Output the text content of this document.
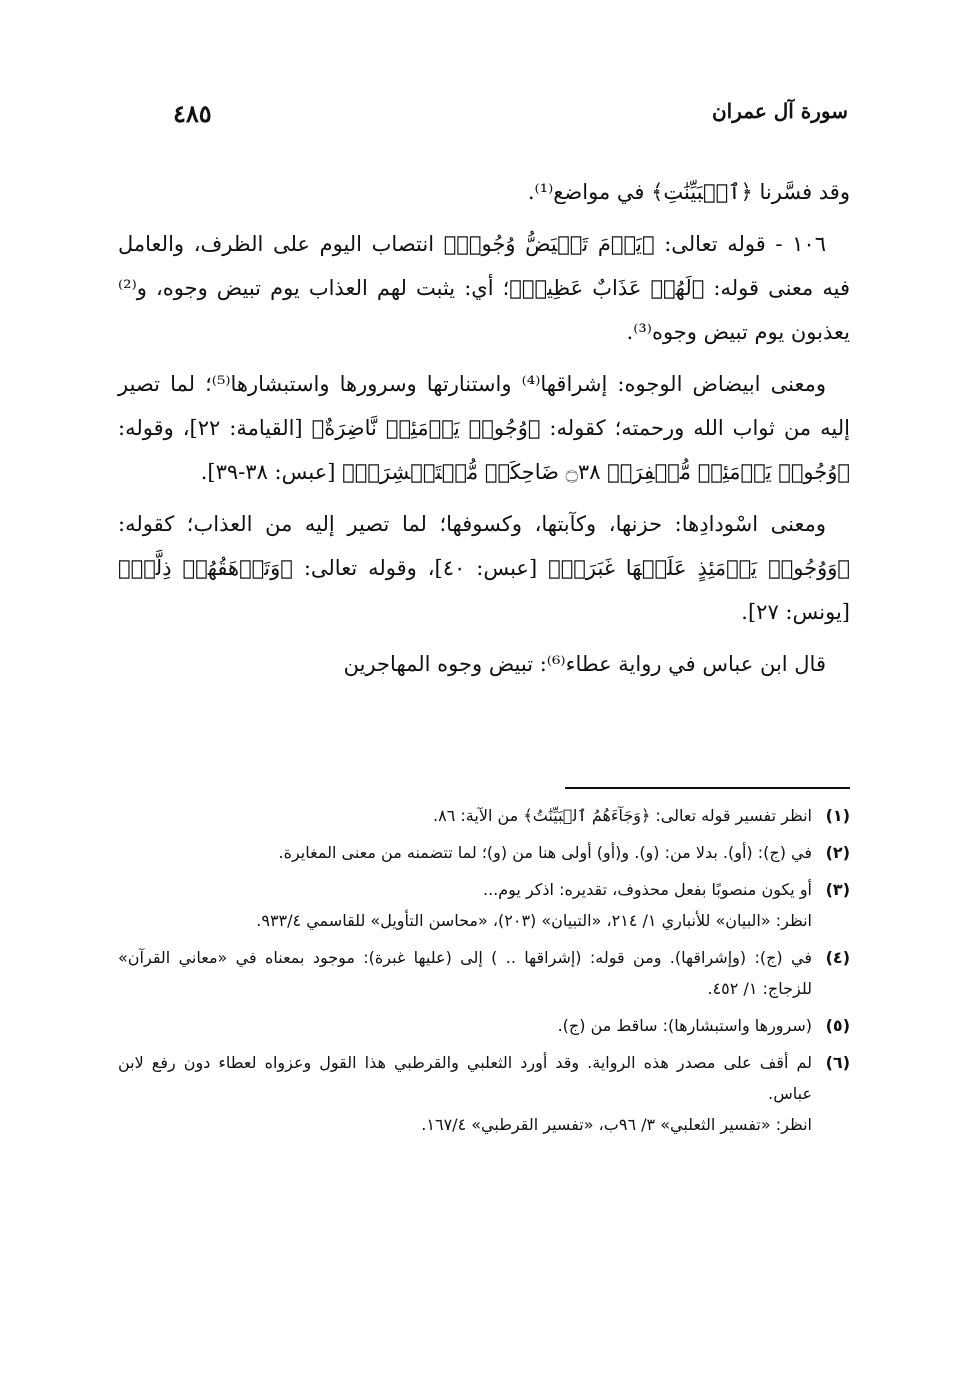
٤٨٥	سورة آل عمران

وقد فسَّرنا ﴿ٱلۡبَيِّنَٰتِ﴾ في مواضع⁽¹⁾.

١٠٦ - قوله تعالى: ﴿يَوۡمَ تَبۡيَضُّ وُجُوهٞ﴾ انتصاب اليوم على الظرف، والعامل فيه معنى قوله: ﴿لَهُمۡ عَذَابٌ عَظِيمٞ﴾؛ أي: يثبت لهم العذاب يوم تبيض وجوه، و⁽²⁾ يعذبون يوم تبيض وجوه⁽³⁾.

ومعنى ابيضاض الوجوه: إشراقها⁽⁴⁾ واستنارتها وسرورها واستبشارها⁽⁵⁾؛ لما تصير إليه من ثواب الله ورحمته؛ كقوله: ﴿وُجُوهٞ يَوۡمَئِذٖ نَّاضِرَةٌ﴾ [القيامة: ٢٢]، وقوله: ﴿وُجُوهٞ يَوۡمَئِذٖ مُّسۡفِرَةٞ ۝٣٨ ضَاحِكَةٞ مُّسۡتَبۡشِرَةٞ﴾ [عبس: ٣٨-٣٩].

ومعنى اسْودادِها: حزنها، وكآبتها، وكسوفها؛ لما تصير إليه من العذاب؛ كقوله: ﴿وَوُجُوهٞ يَوۡمَئِذٍ عَلَيۡهَا غَبَرَةٞ﴾ [عبس: ٤٠]، وقوله تعالى: ﴿وَتَرۡهَقُهُمۡ ذِلَّةٞ﴾ [يونس: ٢٧].

قال ابن عباس في رواية عطاء⁽⁶⁾: تبيض وجوه المهاجرين

(١)
انظر تفسير قوله تعالى: ﴿وَجَآءَهُمُ ٱلۡبَيِّنَٰتُ﴾ من الآية: ٨٦.
(٢)
في (ج): (أو). بدلا من: (و). و(أو) أولى هنا من (و)؛ لما تتضمنه من معنى المغايرة.
(٣)
أو يكون منصوبًا بفعل محذوف، تقديره: اذكر يوم...
انظر: «البيان» للأنباري ١/ ٢١٤، «التبيان» (٢٠٣)، «محاسن التأويل» للقاسمي ٩٣٣/٤.
(٤)
في (ج): (وإشراقها). ومن قوله: (إشراقها .. ) إلى (عليها غبرة): موجود بمعناه في «معاني القرآن» للزجاج: ١/ ٤٥٢.
(٥)
(سرورها واستبشارها): ساقط من (ج).
(٦)
لم أقف على مصدر هذه الرواية. وقد أورد الثعلبي والقرطبي هذا القول وعزواه لعطاء دون رفع لابن عباس.
انظر: «تفسير الثعلبي» ٣/ ٩٦ب، «تفسير القرطبي» ١٦٧/٤.
